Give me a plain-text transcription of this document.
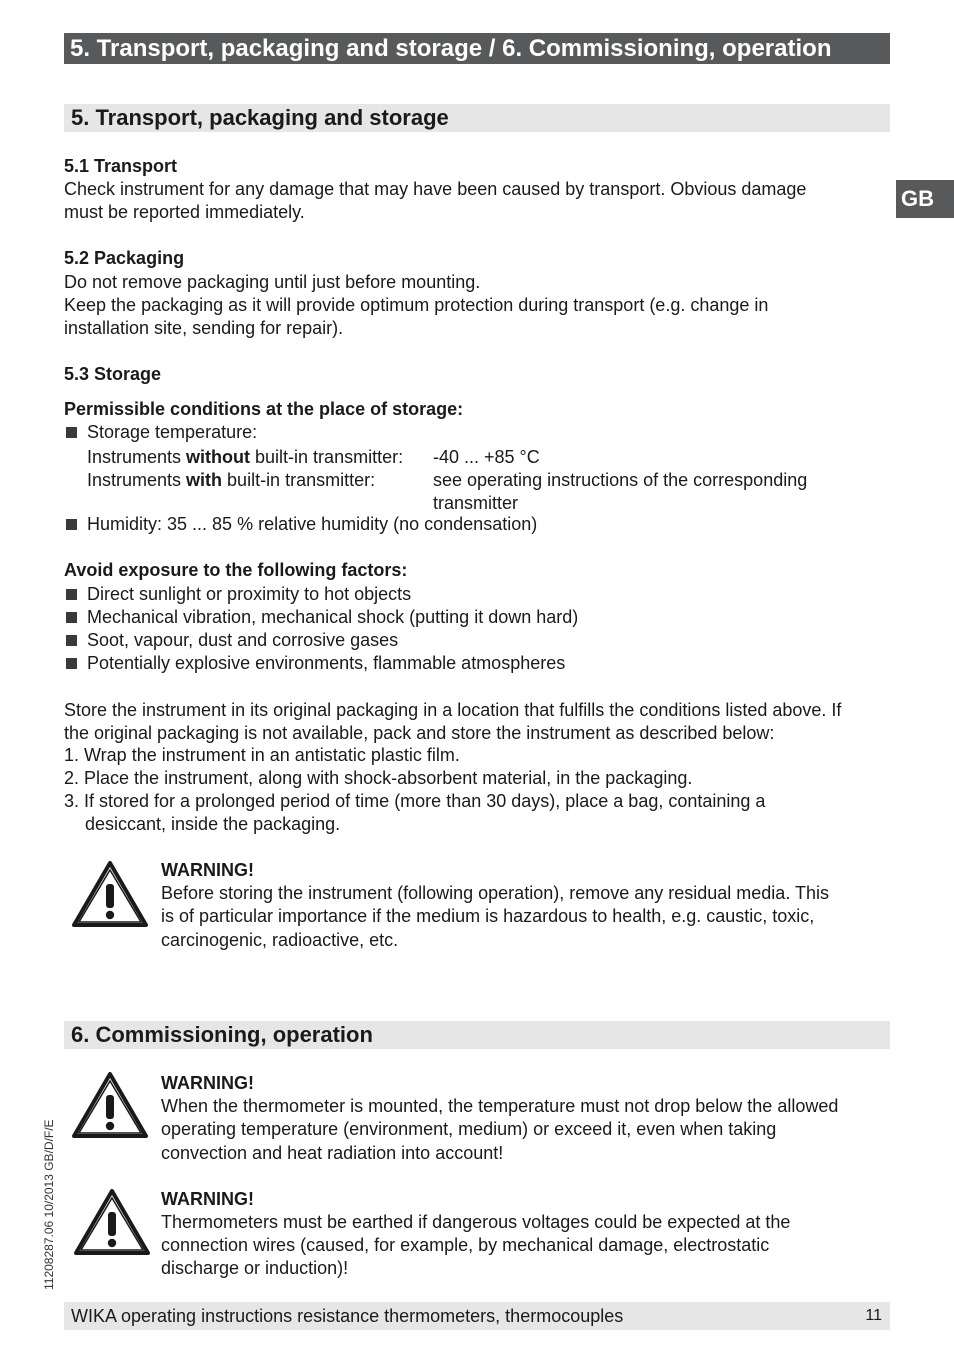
5. Transport, packaging and storage / 6. Commissioning, operation
GB
5. Transport, packaging and storage
5.1 Transport
Check instrument for any damage that may have been caused by transport. Obvious damage
must be reported immediately.
5.2 Packaging
Do not remove packaging until just before mounting.
Keep the packaging as it will provide optimum protection during transport (e.g. change in
installation site, sending for repair).
5.3 Storage
Permissible conditions at the place of storage:
Storage temperature:
Instruments without built-in transmitter: -40 ... +85 °C
Instruments with built-in transmitter:	see operating instructions of the corresponding
transmitter
Humidity: 35 ... 85 % relative humidity (no condensation)
Avoid exposure to the following factors:
Direct sunlight or proximity to hot objects
Mechanical vibration, mechanical shock (putting it down hard)
Soot, vapour, dust and corrosive gases
Potentially explosive environments, flammable atmospheres
Store the instrument in its original packaging in a location that fulfills the conditions listed above. If
the original packaging is not available, pack and store the instrument as described below:
1. Wrap the instrument in an antistatic plastic film.
2. Place the instrument, along with shock-absorbent material, in the packaging.
3. If stored for a prolonged period of time (more than 30 days), place a bag, containing a
desiccant, inside the packaging.
WARNING!
Before storing the instrument (following operation), remove any residual media. This
is of particular importance if the medium is hazardous to health, e.g. caustic, toxic,
carcinogenic, radioactive, etc.
6. Commissioning, operation
WARNING!
When the thermometer is mounted, the temperature must not drop below the allowed
operating temperature (environment, medium) or exceed it, even when taking
convection and heat radiation into account!
WARNING!
Thermometers must be earthed if dangerous voltages could be expected at the
connection wires (caused, for example, by mechanical damage, electrostatic
discharge or induction)!
11208287.06 10/2013 GB/D/F/E
WIKA operating instructions resistance thermometers, thermocouples	11
